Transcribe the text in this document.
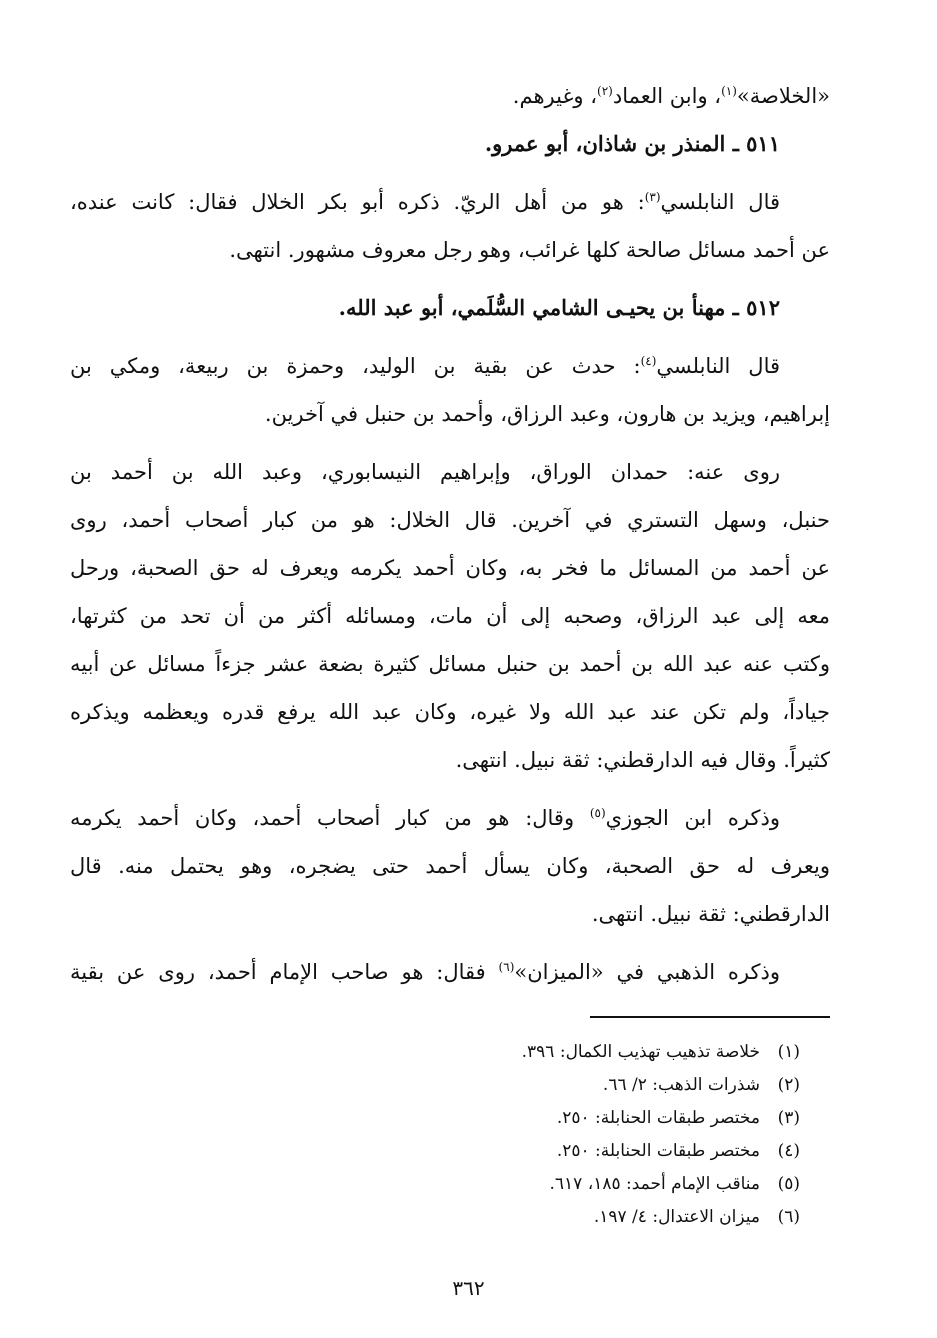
«الخلاصة»$^{(١)}$، وابن العماد$^{(٢)}$، وغيرهم.
٥١١ ـ المنذر بن شاذان، أبو عمرو.
قال النابلسي$^{(٣)}$: هو من أهل الريّ. ذكره أبو بكر الخلال فقال: كانت عنده،
عن أحمد مسائل صالحة كلها غرائب، وهو رجل معروف مشهور. انتهى.
٥١٢ ـ مهنأ بن يحيـى الشامي السُّلَمي، أبو عبد الله.
قال النابلسي$^{(٤)}$: حدث عن بقية بن الوليد، وحمزة بن ربيعة، ومكي بن
إبراهيم، ويزيد بن هارون، وعبد الرزاق، وأحمد بن حنبل في آخرين.
روى عنه: حمدان الوراق، وإبراهيم النيسابوري، وعبد الله بن أحمد بن
حنبل، وسهل التستري في آخرين. قال الخلال: هو من كبار أصحاب أحمد، روى
عن أحمد من المسائل ما فخر به، وكان أحمد يكرمه ويعرف له حق الصحبة، ورحل
معه إلى عبد الرزاق، وصحبه إلى أن مات، ومسائله أكثر من أن تحد من كثرتها،
وكتب عنه عبد الله بن أحمد بن حنبل مسائل كثيرة بضعة عشر جزءاً مسائل عن أبيه
جياداً، ولم تكن عند عبد الله ولا غيره، وكان عبد الله يرفع قدره ويعظمه ويذكره
كثيراً. وقال فيه الدارقطني: ثقة نبيل. انتهى.
وذكره ابن الجوزي$^{(٥)}$ وقال: هو من كبار أصحاب أحمد، وكان أحمد يكرمه
ويعرف له حق الصحبة، وكان يسأل أحمد حتى يضجره، وهو يحتمل منه. قال
الدارقطني: ثقة نبيل. انتهى.
وذكره الذهبي في «الميزان»$^{(٦)}$ فقال: هو صاحب الإمام أحمد، روى عن بقية
(١)خلاصة تذهيب تهذيب الكمال: ٣٩٦.
(٢)شذرات الذهب: ٢/ ٦٦.
(٣)مختصر طبقات الحنابلة: ٢٥٠.
(٤)مختصر طبقات الحنابلة: ٢٥٠.
(٥)مناقب الإمام أحمد: ١٨٥، ٦١٧.
(٦)ميزان الاعتدال: ٤/ ١٩٧.
٣٦٢
